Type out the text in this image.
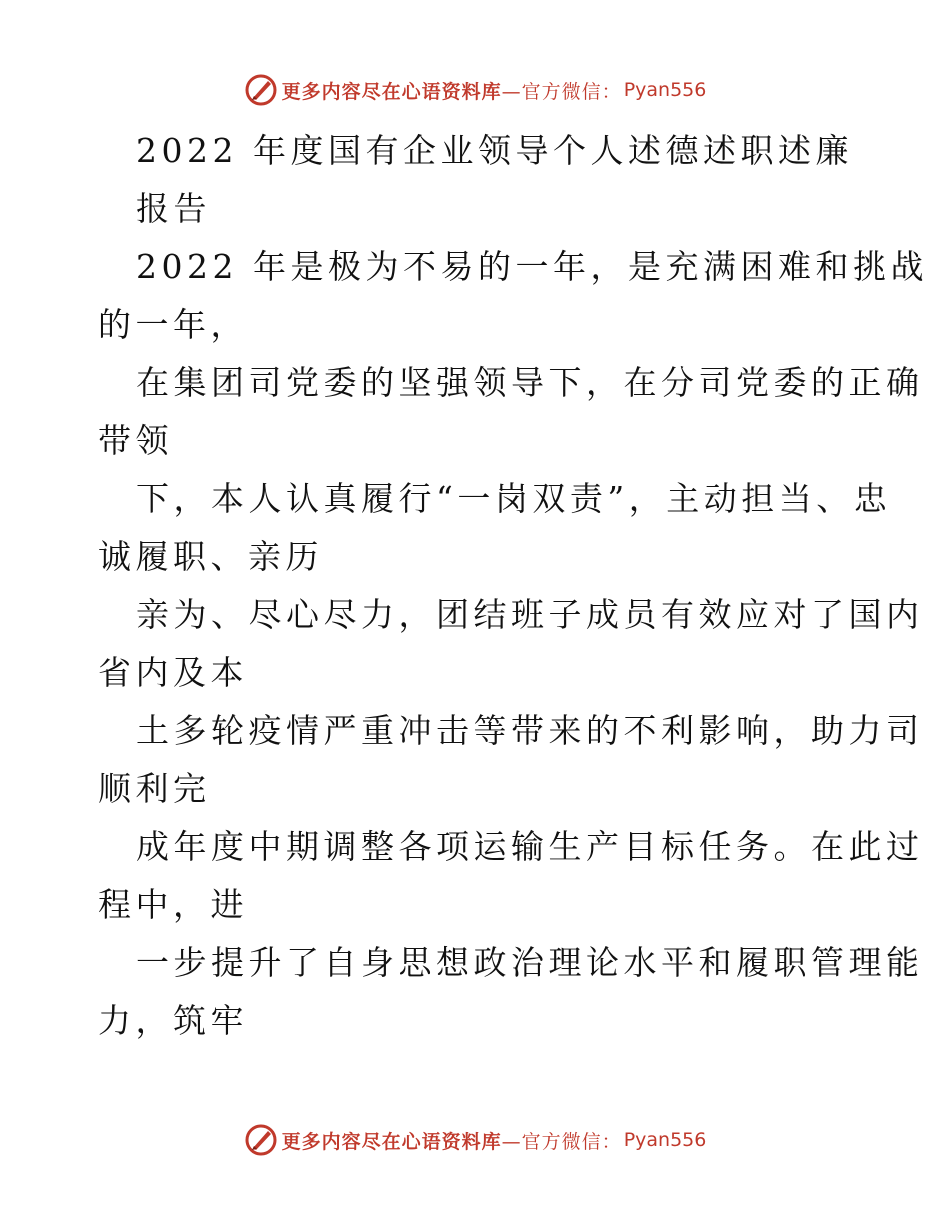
更多内容尽在心语资料库 —官方微信： Pyan556
2022 年度国有企业领导个人述德述职述廉
报告
2022 年是极为不易的一年，是充满困难和挑战
的一年，
在集团司党委的坚强领导下，在分司党委的正确
带领
下，本人认真履行“一岗双责”，主动担当、忠
诚履职、亲历
亲为、尽心尽力，团结班子成员有效应对了国内
省内及本
土多轮疫情严重冲击等带来的不利影响，助力司
顺利完
成年度中期调整各项运输生产目标任务。在此过
程中，进
一步提升了自身思想政治理论水平和履职管理能
力，筑牢
更多内容尽在心语资料库 —官方微信： Pyan556
